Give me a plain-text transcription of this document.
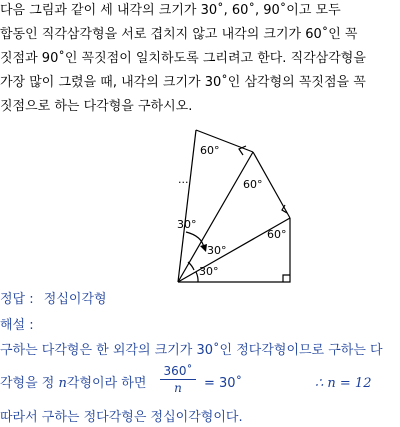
다음 그림과 같이 세 내각의 크기가 30˚, 60˚, 90˚이고 모두
합동인 직각삼각형을 서로 겹치지 않고 내각의 크기가 60˚인 꼭
짓점과 90˚인 꼭짓점이 일치하도록 그리려고 한다. 직각삼각형을
가장 많이 그렸을 때, 내각의 크기가 30˚인 삼각형의 꼭짓점을 꼭
짓점으로 하는 다각형을 구하시오.
...
60°
60°
60°
30°
30°
30°
정답 : 정십이각형
해설 :
구하는 다각형은 한 외각의 크기가 30˚인 정다각형이므로 구하는 다
각형을 정 n각형이라 하면
360˚
n	= 30˚	∴ n = 12
따라서 구하는 정다각형은 정십이각형이다.
